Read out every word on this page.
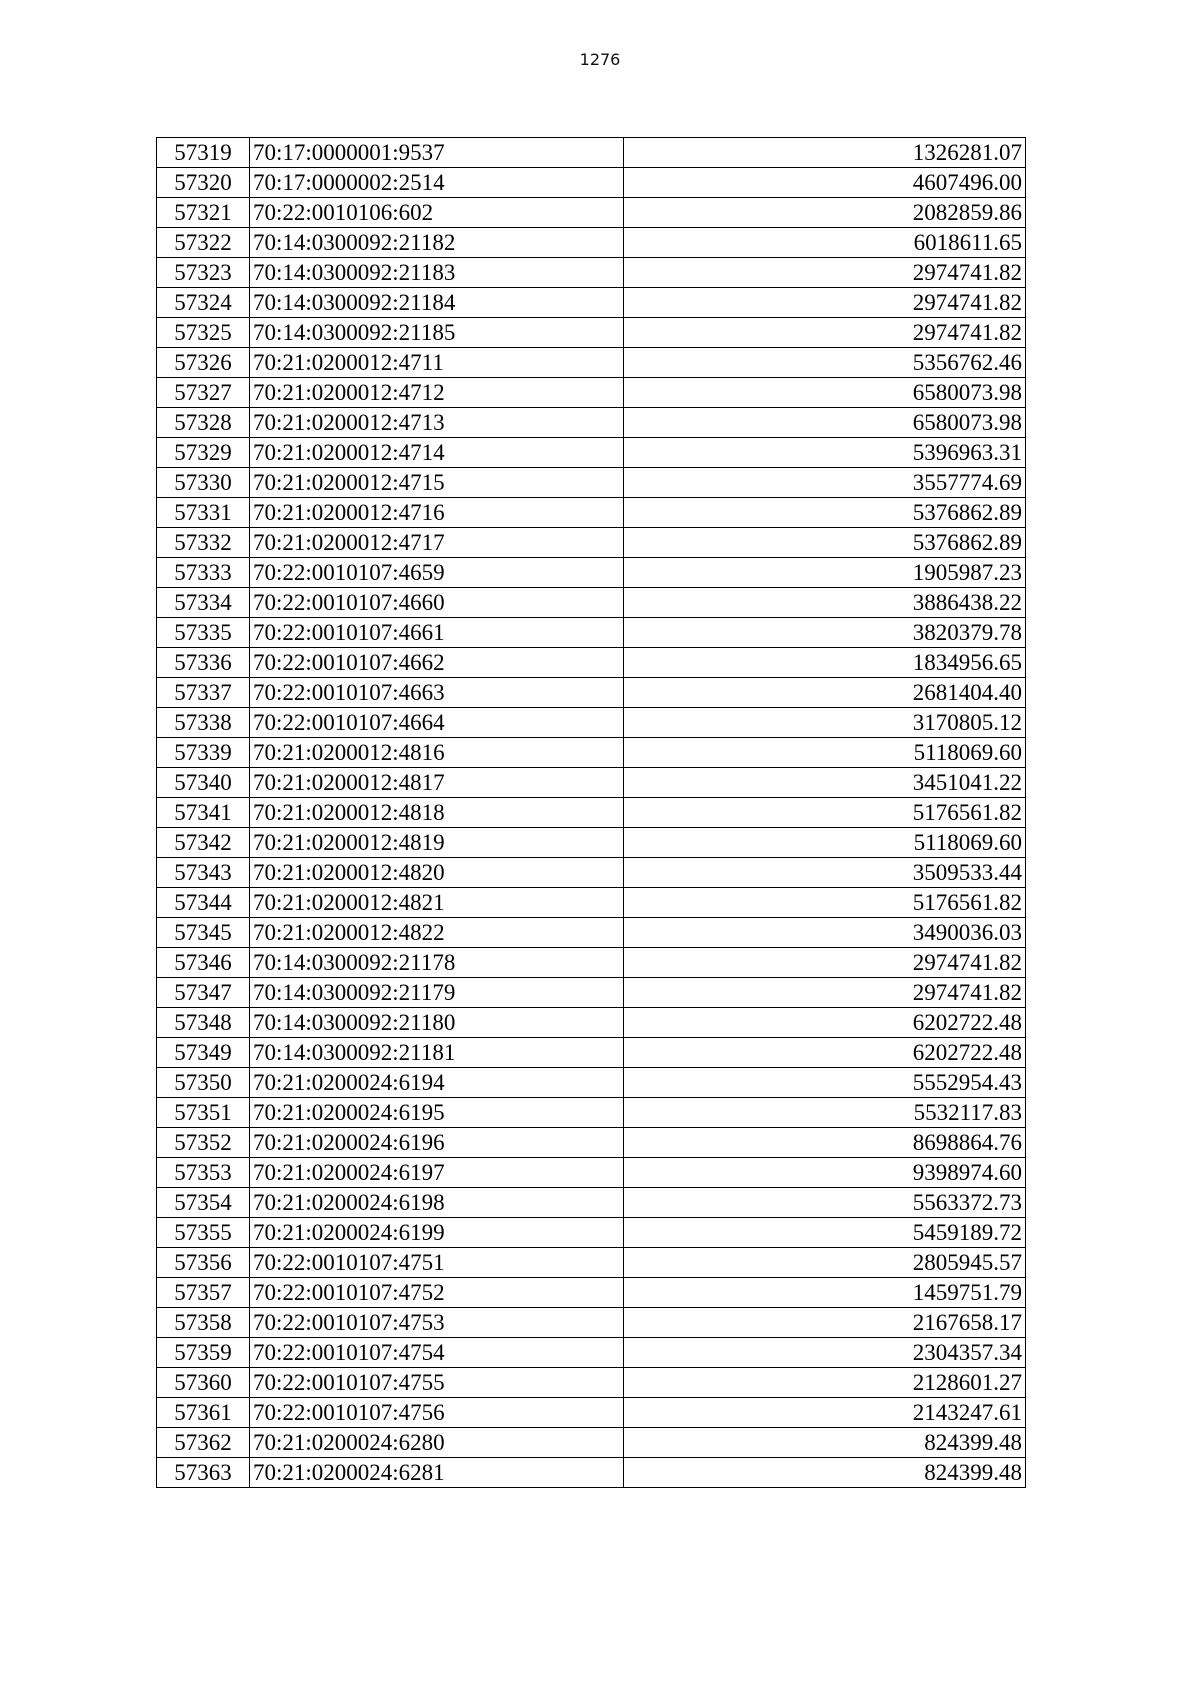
1276
57319	70:17:0000001:9537	1326281.07
57320	70:17:0000002:2514	4607496.00
57321	70:22:0010106:602	2082859.86
57322	70:14:0300092:21182	6018611.65
57323	70:14:0300092:21183	2974741.82
57324	70:14:0300092:21184	2974741.82
57325	70:14:0300092:21185	2974741.82
57326	70:21:0200012:4711	5356762.46
57327	70:21:0200012:4712	6580073.98
57328	70:21:0200012:4713	6580073.98
57329	70:21:0200012:4714	5396963.31
57330	70:21:0200012:4715	3557774.69
57331	70:21:0200012:4716	5376862.89
57332	70:21:0200012:4717	5376862.89
57333	70:22:0010107:4659	1905987.23
57334	70:22:0010107:4660	3886438.22
57335	70:22:0010107:4661	3820379.78
57336	70:22:0010107:4662	1834956.65
57337	70:22:0010107:4663	2681404.40
57338	70:22:0010107:4664	3170805.12
57339	70:21:0200012:4816	5118069.60
57340	70:21:0200012:4817	3451041.22
57341	70:21:0200012:4818	5176561.82
57342	70:21:0200012:4819	5118069.60
57343	70:21:0200012:4820	3509533.44
57344	70:21:0200012:4821	5176561.82
57345	70:21:0200012:4822	3490036.03
57346	70:14:0300092:21178	2974741.82
57347	70:14:0300092:21179	2974741.82
57348	70:14:0300092:21180	6202722.48
57349	70:14:0300092:21181	6202722.48
57350	70:21:0200024:6194	5552954.43
57351	70:21:0200024:6195	5532117.83
57352	70:21:0200024:6196	8698864.76
57353	70:21:0200024:6197	9398974.60
57354	70:21:0200024:6198	5563372.73
57355	70:21:0200024:6199	5459189.72
57356	70:22:0010107:4751	2805945.57
57357	70:22:0010107:4752	1459751.79
57358	70:22:0010107:4753	2167658.17
57359	70:22:0010107:4754	2304357.34
57360	70:22:0010107:4755	2128601.27
57361	70:22:0010107:4756	2143247.61
57362	70:21:0200024:6280	824399.48
57363	70:21:0200024:6281	824399.48
